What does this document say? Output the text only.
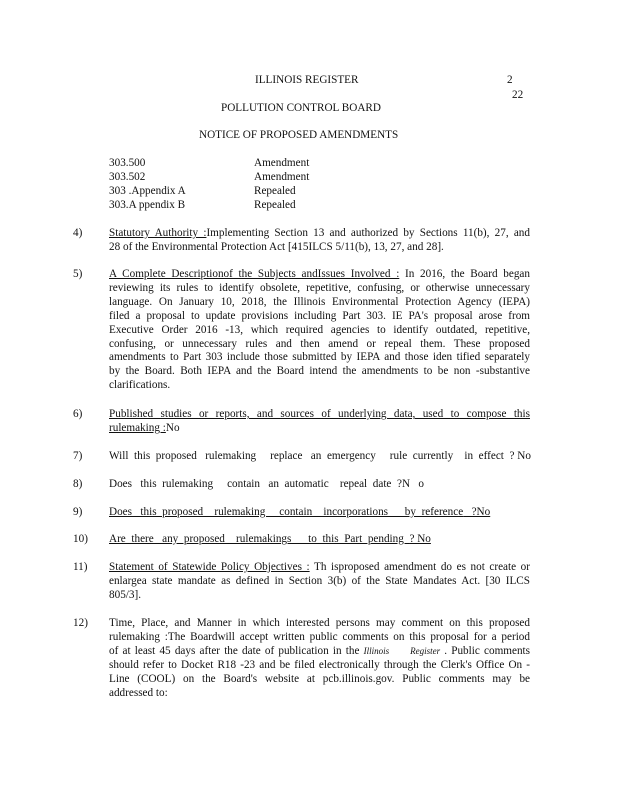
ILLINOIS REGISTER	2
22
POLLUTION CONTROL BOARD
NOTICE OF PROPOSED AMENDMENTS
303.500	Amendment
303.502	Amendment
303 .Appendix A	Repealed
303.A ppendix B	Repealed
4) Statutory Authority :Implementing Section 13 and authorized by Sections 11(b), 27, and
28 of the Environmental Protection Act [415ILCS 5/11(b), 13, 27, and 28].
5) A Complete Descriptionof the Subjects andIssues Involved : In 2016, the Board began
reviewing its rules to identify obsolete, repetitive, confusing, or otherwise unnecessary
language. On January 10, 2018, the Illinois Environmental Protection Agency (IEPA)
filed a proposal to update provisions including Part 303. IE PA's proposal arose from
Executive Order 2016 -13, which required agencies to identify outdated, repetitive,
confusing, or unnecessary rules and then amend or repeal them. These proposed
amendments to Part 303 include those submitted by IEPA and those iden tified separately
by the Board. Both IEPA and the Board intend the amendments to be non -substantive
clarifications.
6) Published studies or reports, and sources of underlying data, used to compose this
rulemaking :No
7) Will  this  proposed   rulemaking     replace   an  emergency     rule  currently    in  effect  ? No
8) Does   this  rulemaking     contain   an  automatic    repeal  date  ?N   o
9) Does   this  proposed    rulemaking     contain    incorporations      by  reference   ?No
10) Are  there   any  proposed    rulemakings      to  this  Part  pending  ? No
11) Statement of Statewide Policy Objectives : Th isproposed amendment do es not create or
enlargea state mandate as defined in Section 3(b) of the State Mandates Act. [30 ILCS
805/3].
12) Time, Place, and Manner in which interested persons may comment on this proposed
rulemaking :The Boardwill accept written public comments on this proposal for a period
of at least 45 days after the date of publication in the Illinois Register . Public comments
should refer to Docket R18 -23 and be filed electronically through the Clerk's Office On -
Line (COOL) on the Board's website at pcb.illinois.gov. Public comments may be
addressed to:
